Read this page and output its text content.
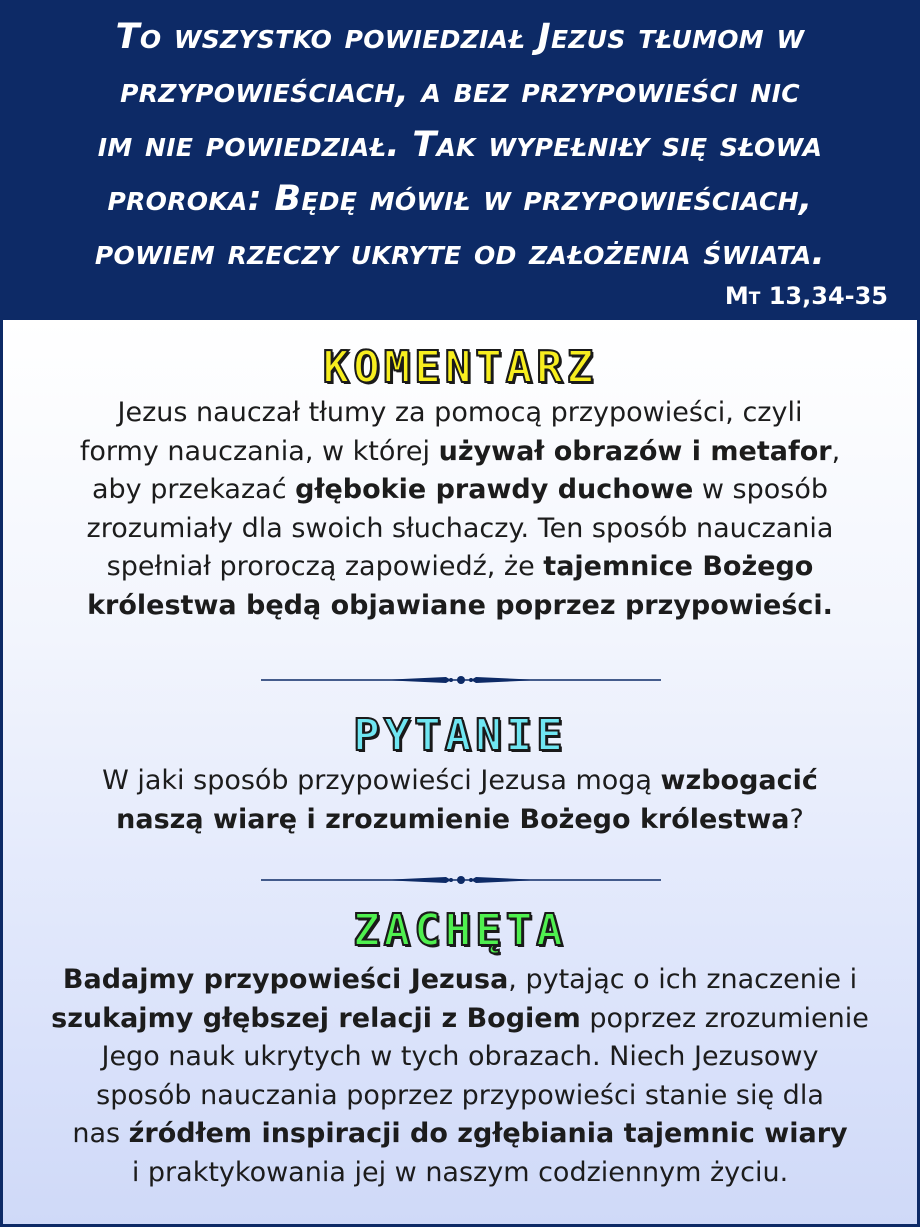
To wszystko powiedział Jezus tłumom w
przypowieściach, a bez przypowieści nic
im nie powiedział. Tak wypełniły się słowa
proroka: Będę mówił w przypowieściach,
powiem rzeczy ukryte od założenia świata.

Mt 13,34-35
KOMENTARZ

Jezus nauczał tłumy za pomocą przypowieści, czyli
formy nauczania, w której używał obrazów i metafor,
aby przekazać głębokie prawdy duchowe w sposób
zrozumiały dla swoich słuchaczy. Ten sposób nauczania
spełniał proroczą zapowiedź, że tajemnice Bożego
królestwa będą objawiane poprzez przypowieści.

PYTANIE

W jaki sposób przypowieści Jezusa mogą wzbogacić
naszą wiarę i zrozumienie Bożego królestwa?

ZACHĘTA

Badajmy przypowieści Jezusa, pytając o ich znaczenie i
szukajmy głębszej relacji z Bogiem poprzez zrozumienie
Jego nauk ukrytych w tych obrazach. Niech Jezusowy
sposób nauczania poprzez przypowieści stanie się dla
nas źródłem inspiracji do zgłębiania tajemnic wiary
i praktykowania jej w naszym codziennym życiu.
